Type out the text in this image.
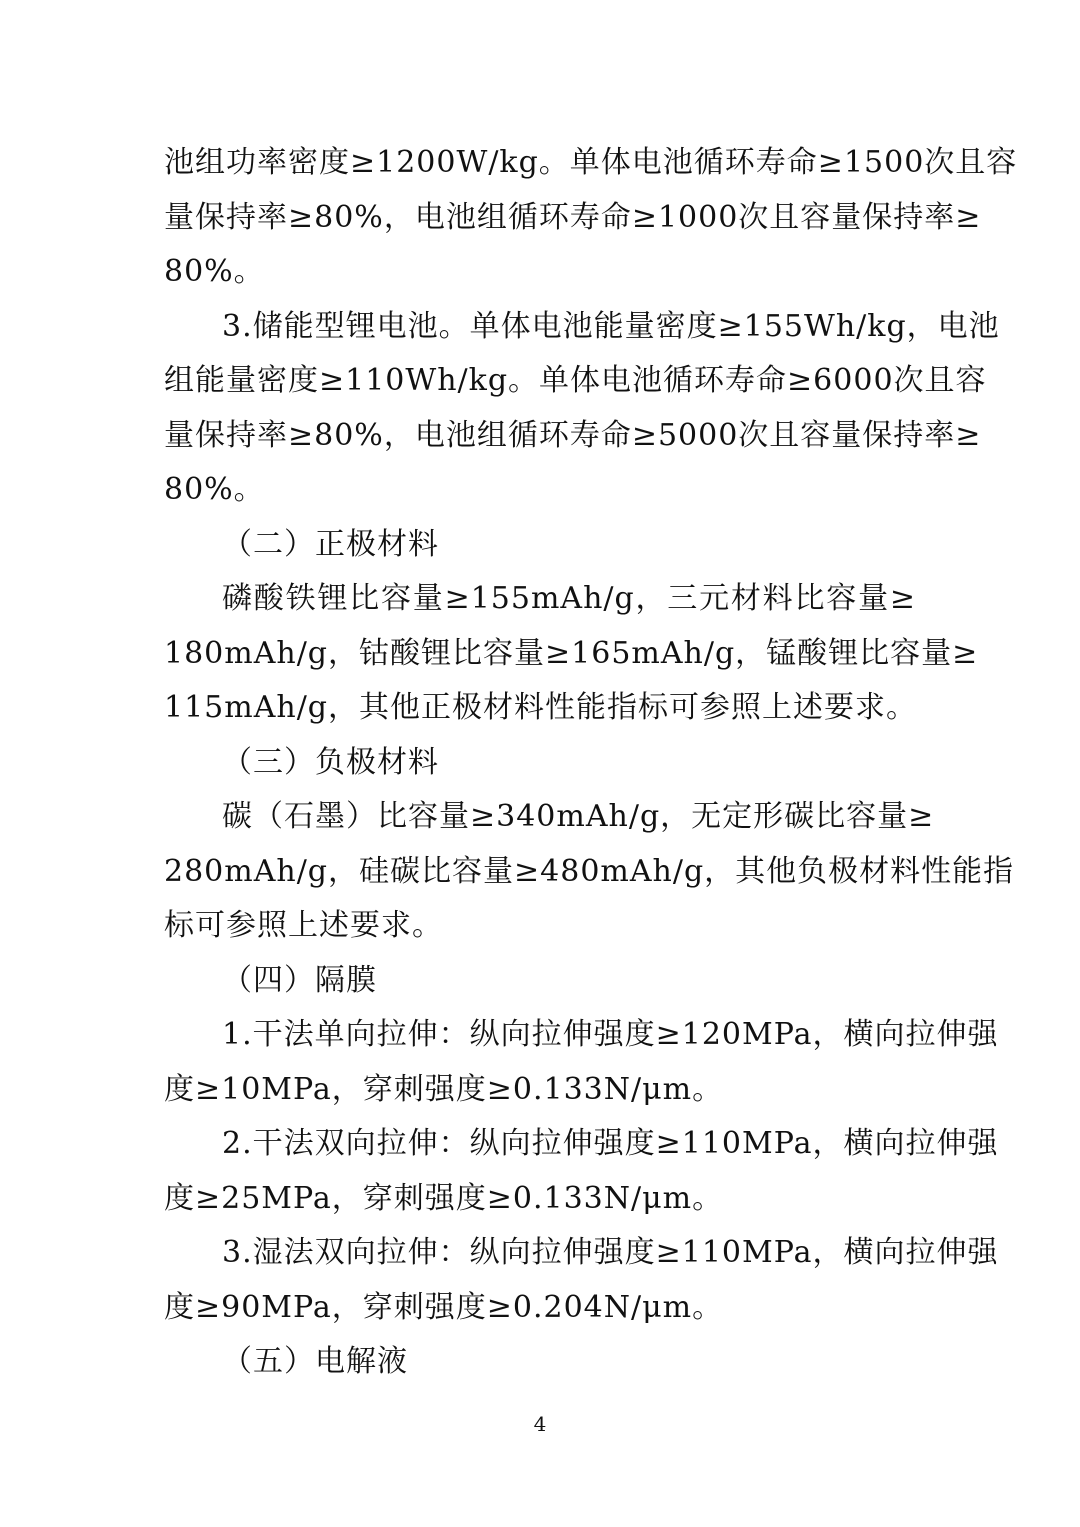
池组功率密度≥1200W/kg。单体电池循环寿命≥1500次且容
量保持率≥80%，电池组循环寿命≥1000次且容量保持率≥
80%。
3.储能型锂电池。单体电池能量密度≥155Wh/kg，电池
组能量密度≥110Wh/kg。单体电池循环寿命≥6000次且容
量保持率≥80%，电池组循环寿命≥5000次且容量保持率≥
80%。
（二）正极材料
磷酸铁锂比容量≥155mAh/g，三元材料比容量≥
180mAh/g，钴酸锂比容量≥165mAh/g，锰酸锂比容量≥
115mAh/g，其他正极材料性能指标可参照上述要求。
（三）负极材料
碳（石墨）比容量≥340mAh/g，无定形碳比容量≥
280mAh/g，硅碳比容量≥480mAh/g，其他负极材料性能指
标可参照上述要求。
（四）隔膜
1.干法单向拉伸：纵向拉伸强度≥120MPa，横向拉伸强
度≥10MPa，穿刺强度≥0.133N/μm。
2.干法双向拉伸：纵向拉伸强度≥110MPa，横向拉伸强
度≥25MPa，穿刺强度≥0.133N/μm。
3.湿法双向拉伸：纵向拉伸强度≥110MPa，横向拉伸强
度≥90MPa，穿刺强度≥0.204N/μm。
（五）电解液
4
